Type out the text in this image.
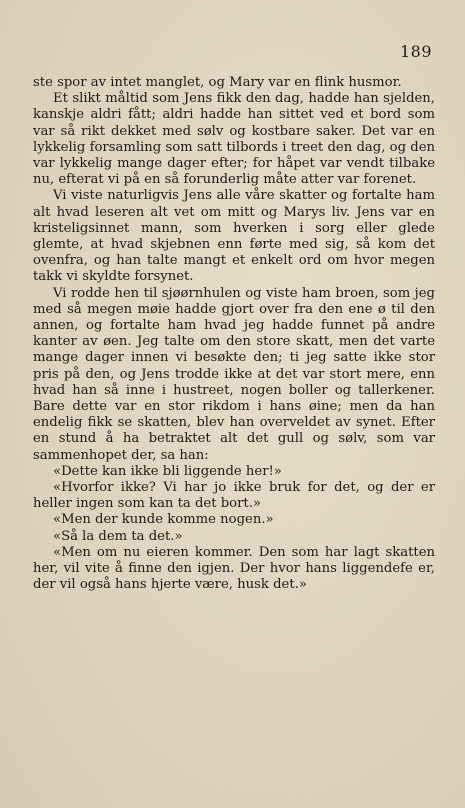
189

ste spor av intet manglet, og Mary var en flink husmor.

Et slikt måltid som Jens fikk den dag, hadde han sjelden, kanskje aldri fått; aldri hadde han sittet ved et bord som var så rikt dekket med sølv og kostbare saker. Det var en lykkelig forsamling som satt tilbords i treet den dag, og den var lykkelig mange dager efter; for håpet var vendt tilbake nu, efterat vi på en så forunderlig måte atter var forenet.

Vi viste naturligvis Jens alle våre skatter og fortalte ham alt hvad leseren alt vet om mitt og Marys liv. Jens var en kristeligsinnet mann, som hverken i sorg eller glede glemte, at hvad skjebnen enn førte med sig, så kom det ovenfra, og han talte mangt et enkelt ord om hvor megen takk vi skyldte forsynet.

Vi rodde hen til sjøørnhulen og viste ham broen, som jeg med så megen møie hadde gjort over fra den ene ø til den annen, og fortalte ham hvad jeg hadde funnet på andre kanter av øen. Jeg talte om den store skatt, men det varte mange dager innen vi besøkte den; ti jeg satte ikke stor pris på den, og Jens trodde ikke at det var stort mere, enn hvad han så inne i hustreet, nogen boller og tallerkener. Bare dette var en stor rikdom i hans øine; men da han endelig fikk se skatten, blev han overveldet av synet. Efter en stund å ha betraktet alt det gull og sølv, som var sammenhopet der, sa han:

«Dette kan ikke bli liggende her!»

«Hvorfor ikke? Vi har jo ikke bruk for det, og der er heller ingen som kan ta det bort.»

«Men der kunde komme nogen.»

«Så la dem ta det.»

«Men om nu eieren kommer. Den som har lagt skatten her, vil vite å finne den igjen. Der hvor hans liggendefe er, der vil også hans hjerte være, husk det.»
